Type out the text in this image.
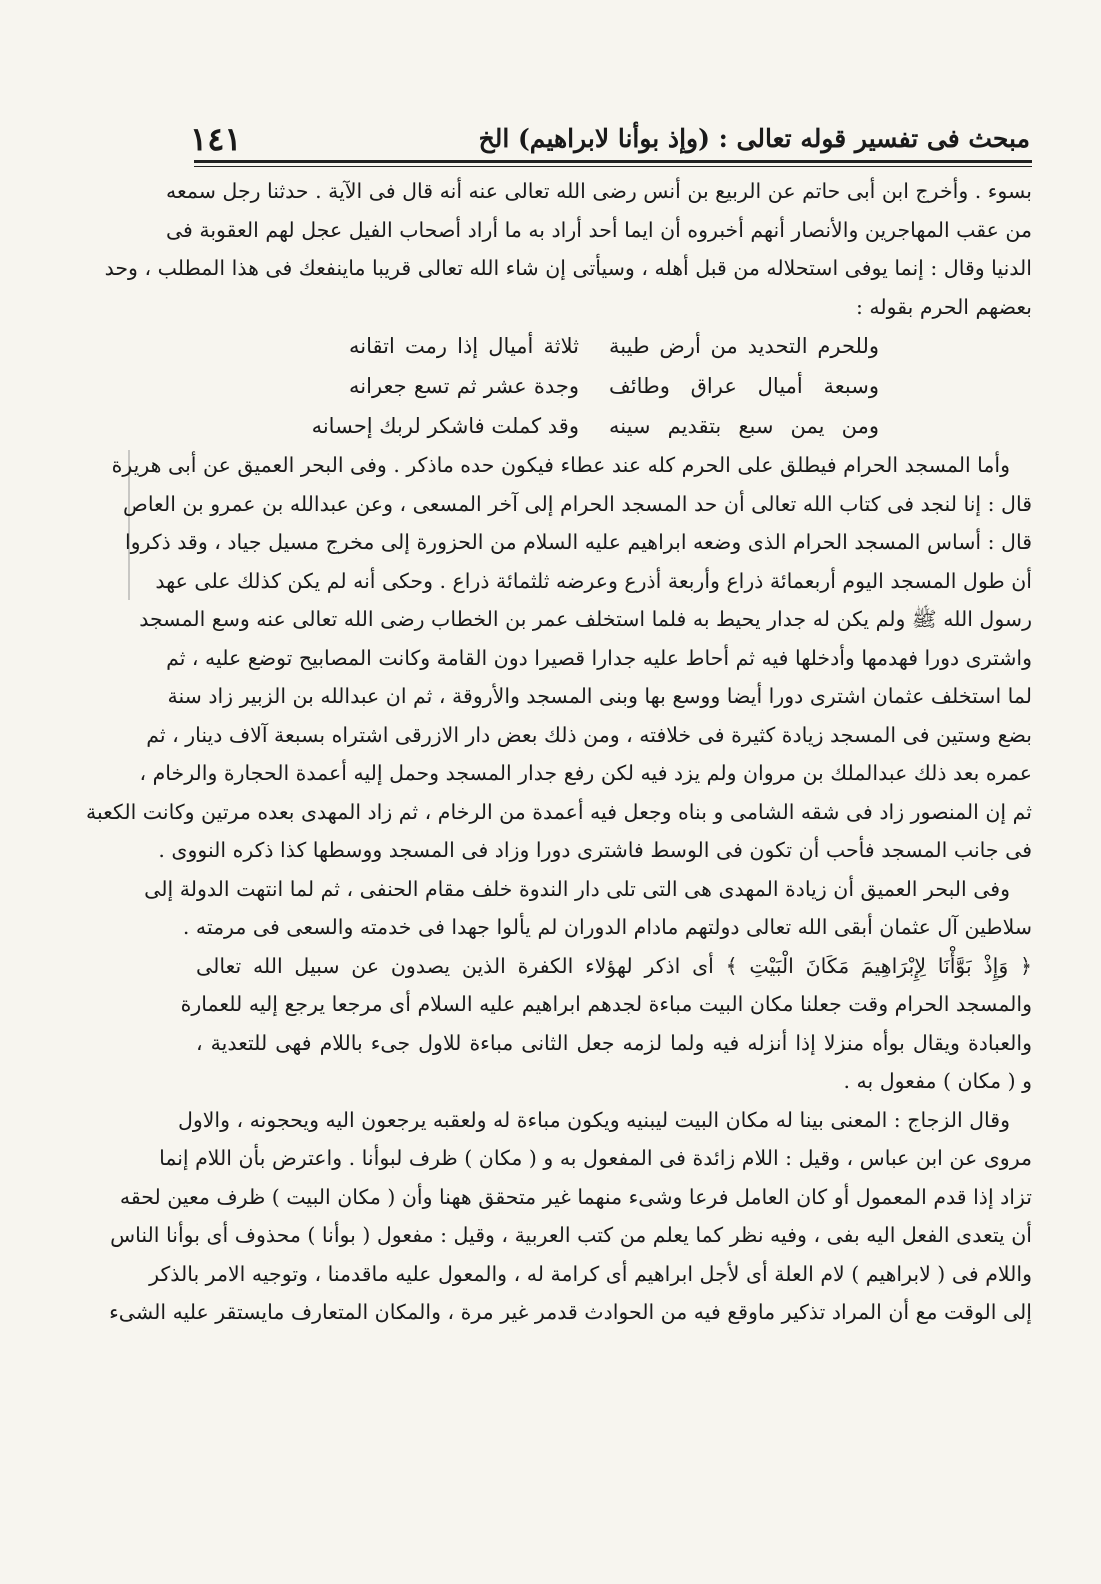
مبحث فى تفسير قوله تعالى : (وإذ بوأنا لابراهيم) الخ
١٤١

بسوء . وأخرج ابن أبى حاتم عن الربيع بن أنس رضى الله تعالى عنه أنه قال فى الآية . حدثنا رجل سمعه
من عقب المهاجرين والأنصار أنهم أخبروه أن ايما أحد أراد به ما أراد أصحاب الفيل عجل لهم العقوبة فى
الدنيا وقال : إنما يوفى استحلاله من قبل أهله ، وسيأتى إن شاء الله تعالى قريبا ماينفعك فى هذا المطلب ، وحد
بعضهم الحرم بقوله :

وللحرم التحديد من أرض طيبة
ثلاثة أميال إذا رمت اتقانه
وسبعة أميال عراق وطائف
وجدة عشر ثم تسع جعرانه
ومن يمن سبع بتقديم سينه
وقد كملت فاشكر لربك إحسانه

وأما المسجد الحرام فيطلق على الحرم كله عند عطاء فيكون حده ماذكر . وفى البحر العميق عن أبى هريرة
قال : إنا لنجد فى كتاب الله تعالى أن حد المسجد الحرام إلى آخر المسعى ، وعن عبدالله بن عمرو بن العاص
قال : أساس المسجد الحرام الذى وضعه ابراهيم عليه السلام من الحزورة إلى مخرج مسيل جياد ، وقد ذكروا
أن طول المسجد اليوم أربعمائة ذراع وأربعة أذرع وعرضه ثلثمائة ذراع . وحكى أنه لم يكن كذلك على عهد
رسول الله ﷺ ولم يكن له جدار يحيط به فلما استخلف عمر بن الخطاب رضى الله تعالى عنه وسع المسجد
واشترى دورا فهدمها وأدخلها فيه ثم أحاط عليه جدارا قصيرا دون القامة وكانت المصابيح توضع عليه ، ثم
لما استخلف عثمان اشترى دورا أيضا ووسع بها وبنى المسجد والأروقة ، ثم ان عبدالله بن الزبير زاد سنة
بضع وستين فى المسجد زيادة كثيرة فى خلافته ، ومن ذلك بعض دار الازرقى اشتراه بسبعة آلاف دينار ، ثم
عمره بعد ذلك عبدالملك بن مروان ولم يزد فيه لكن رفع جدار المسجد وحمل إليه أعمدة الحجارة والرخام ،
ثم إن المنصور زاد فى شقه الشامى و بناه وجعل فيه أعمدة من الرخام ، ثم زاد المهدى بعده مرتين وكانت الكعبة
فى جانب المسجد فأحب أن تكون فى الوسط فاشترى دورا وزاد فى المسجد ووسطها كذا ذكره النووى .

وفى البحر العميق أن زيادة المهدى هى التى تلى دار الندوة خلف مقام الحنفى ، ثم لما انتهت الدولة إلى
سلاطين آل عثمان أبقى الله تعالى دولتهم مادام الدوران لم يألوا جهدا فى خدمته والسعى فى مرمته .

﴿ وَإِذْ بَوَّأْنَا لِإِبْرَاهِيمَ مَكَانَ الْبَيْتِ ﴾ أى اذكر لهؤلاء الكفرة الذين يصدون عن سبيل الله تعالى
والمسجد الحرام وقت جعلنا مكان البيت مباءة لجدهم ابراهيم عليه السلام أى مرجعا يرجع إليه للعمارة
والعبادة ويقال بوأه منزلا إذا أنزله فيه ولما لزمه جعل الثانى مباءة للاول جىء باللام فهى للتعدية ،
و ( مكان ) مفعول به .

وقال الزجاج : المعنى بينا له مكان البيت ليبنيه ويكون مباءة له ولعقبه يرجعون اليه ويحجونه ، والاول
مروى عن ابن عباس ، وقيل : اللام زائدة فى المفعول به و ( مكان ) ظرف لبوأنا . واعترض بأن اللام إنما
تزاد إذا قدم المعمول أو كان العامل فرعا وشىء منهما غير متحقق ههنا وأن ( مكان البيت ) ظرف معين لحقه
أن يتعدى الفعل اليه بفى ، وفيه نظر كما يعلم من كتب العربية ، وقيل : مفعول ( بوأنا ) محذوف أى بوأنا الناس
واللام فى ( لابراهيم ) لام العلة أى لأجل ابراهيم أى كرامة له ، والمعول عليه ماقدمنا ، وتوجيه الامر بالذكر
إلى الوقت مع أن المراد تذكير ماوقع فيه من الحوادث قدمر غير مرة ، والمكان المتعارف مايستقر عليه الشىء
